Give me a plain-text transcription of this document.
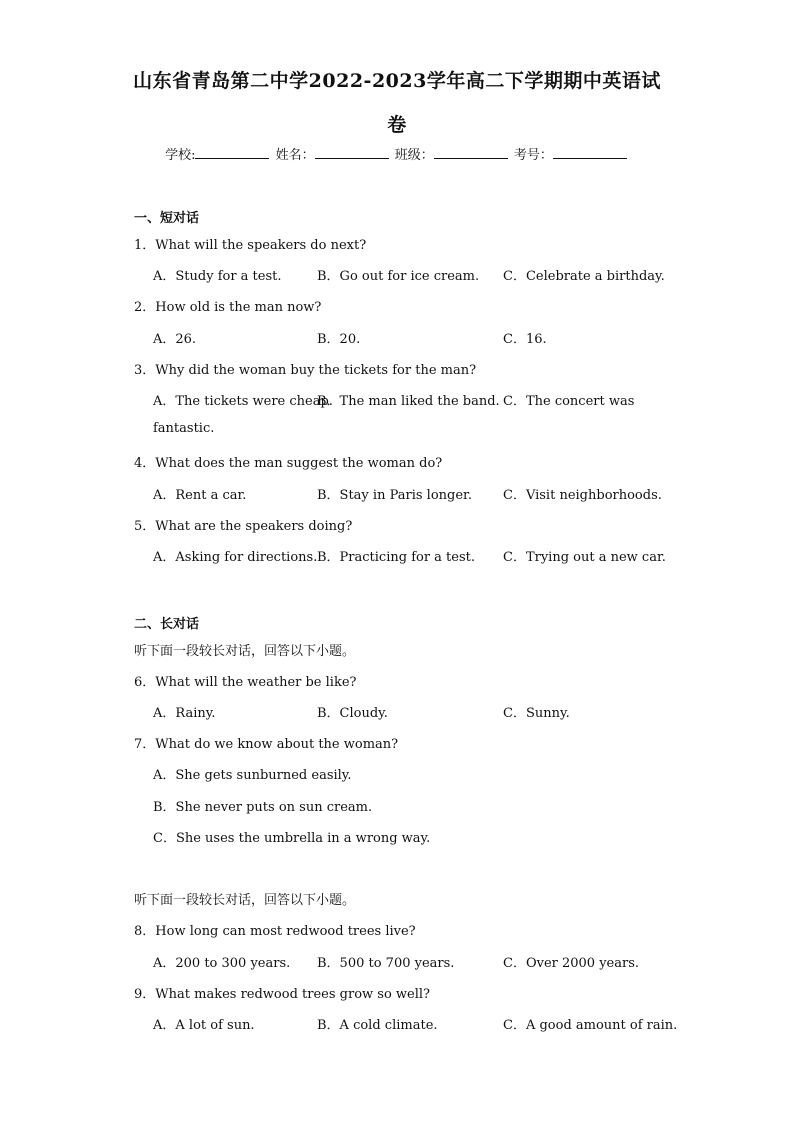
山东省青岛第二中学2022-2023学年高二下学期期中英语试
卷
学校:	姓名：	班级：	考号：
一、短对话
1．What will the speakers do next?
A．Study for a test.	B．Go out for ice cream. C．Celebrate a birthday.
2．How old is the man now?
A．26.	B．20.	C．16.
3．Why did the woman buy the tickets for the man?
A．The tickets were cheap.
B．The man liked the band. C．The concert was
fantastic.
4．What does the man suggest the woman do?
A．Rent a car.	B．Stay in Paris longer. C．Visit neighborhoods.
5．What are the speakers doing?
A．Asking for directions. B．Practicing for a test. C．Trying out a new car.
二、长对话
听下面一段较长对话，回答以下小题。
6．What will the weather be like?
A．Rainy.	B．Cloudy.	C．Sunny.
7．What do we know about the woman?
A．She gets sunburned easily.
B．She never puts on sun cream.
C．She uses the umbrella in a wrong way.
听下面一段较长对话，回答以下小题。
8．How long can most redwood trees live?
A．200 to 300 years. B．500 to 700 years.	C．Over 2000 years.
9．What makes redwood trees grow so well?
A．A lot of sun.	B．A cold climate.	C．A good amount of rain.
